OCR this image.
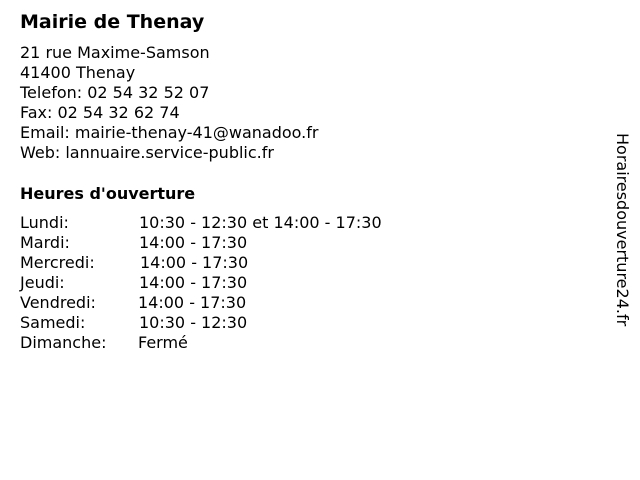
Mairie de Thenay
21 rue Maxime-Samson
41400 Thenay
Telefon: 02 54 32 52 07
Fax: 02 54 32 62 74
Email: mairie-thenay-41@wanadoo.fr
Web: lannuaire.service-public.fr
Heures d'ouverture
Lundi:	10:30 - 12:30 et 14:00 - 17:30
Mardi:	14:00 - 17:30
Mercredi:	14:00 - 17:30
Jeudi:	14:00 - 17:30
Vendredi:	14:00 - 17:30
Samedi:	10:30 - 12:30
Dimanche: Fermé
Horairesdouverture24.fr
